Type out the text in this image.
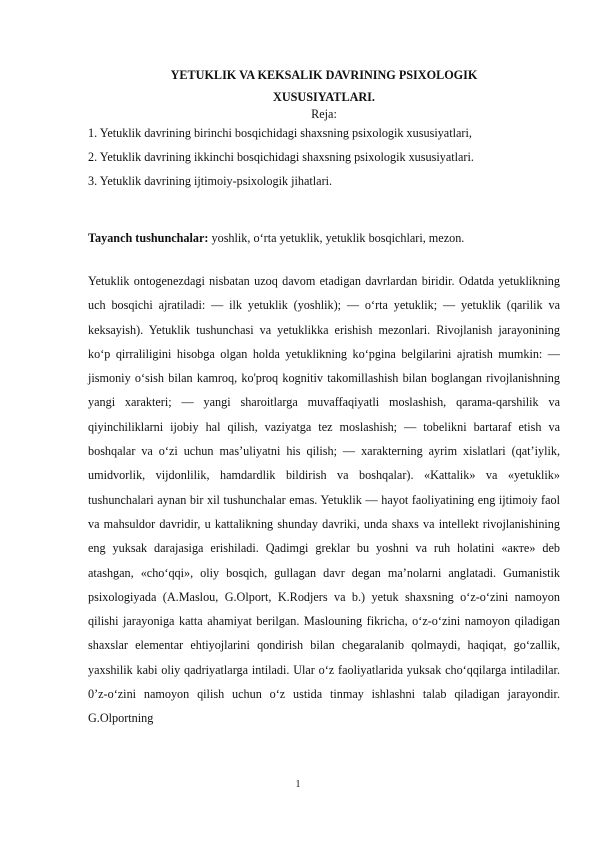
YETUKLIK VA KEKSALIK DAVRINING PSIXOLOGIK
XUSUSIYATLARI.

Reja:

1. Yetuklik davrining birinchi bosqichidagi shaxsning psixologik xususiyatlari,
2. Yetuklik davrining ikkinchi bosqichidagi shaxsning psixologik xususiyatlari.
3. Yetuklik davrining ijtimoiy-psixologik jihatlari.

Tayanch tushunchalar: yoshlik, o‘rta yetuklik, yetuklik bosqichlari, mezon.

Yetuklik ontogenezdagi nisbatan uzoq davom etadigan davrlardan biridir. Odatda yetuklikning uch bosqichi ajratiladi: — ilk yetuklik (yoshlik); — o‘rta yetuklik; — yetuklik (qarilik va keksayish). Yetuklik tushunchasi va yetuklikka erishish mezonlari. Rivojlanish jarayonining ko‘p qirraliligini hisobga olgan holda yetuklikning ko‘pgina belgilarini ajratish mumkin: — jismoniy o‘sish bilan kamroq, ko'proq kognitiv takomillashish bilan boglangan rivojlanishning yangi xarakteri; — yangi sharoitlarga muvaffaqiyatli moslashish, qarama-qarshilik va qiyinchiliklarni ijobiy hal qilish, vaziyatga tez moslashish; — tobelikni bartaraf etish va boshqalar va o‘zi uchun mas’uliyatni his qilish; — xarakterning ayrim xislatlari (qat’iylik, umidvorlik, vijdonlilik, hamdardlik bildirish va boshqalar). «Kattalik» va «yetuklik» tushunchalari aynan bir xil tushunchalar emas. Yetuklik — hayot faoliyatining eng ijtimoiy faol va mahsuldor davridir, u kattalikning shunday davriki, unda shaxs va intellekt rivojlanishining eng yuksak darajasiga erishiladi. Qadimgi greklar bu yoshni va ruh holatini «акте» deb atashgan, «cho‘qqi», oliy bosqich, gullagan davr degan ma’nolarni anglatadi. Gumanistik psixologiyada (A.Maslou, G.Olport, K.Rodjers va b.) yetuk shaxsning o‘z-o‘zini namoyon qilishi jarayoniga katta ahamiyat berilgan. Maslouning fikricha, o‘z-o‘zini namoyon qiladigan shaxslar elementar ehtiyojlarini qondirish bilan chegaralanib qolmaydi, haqiqat, go‘zallik, yaxshilik kabi oliy qadriyatlarga intiladi. Ular o‘z faoliyatlarida yuksak cho‘qqilarga intiladilar. 0’z-o‘zini namoyon qilish uchun o‘z ustida tinmay ishlashni talab qiladigan jarayondir. G.Olportning

1
